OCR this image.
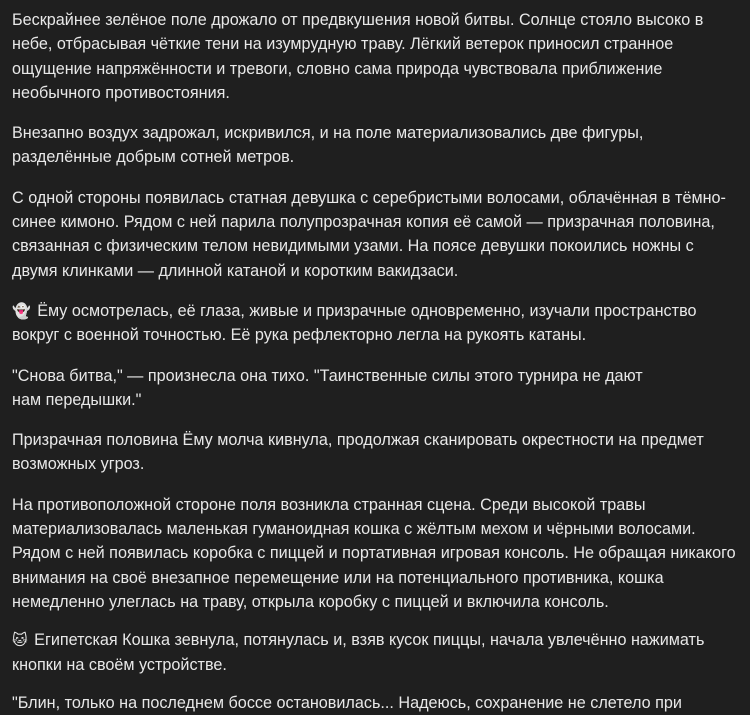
Бескрайнее зелёное поле дрожало от предвкушения новой битвы. Солнце стояло высоко в небе, отбрасывая чёткие тени на изумрудную траву. Лёгкий ветерок приносил странное ощущение напряжённости и тревоги, словно сама природа чувствовала приближение необычного противостояния.

Внезапно воздух задрожал, искривился, и на поле материализовались две фигуры, разделённые добрым сотней метров.

С одной стороны появилась статная девушка с серебристыми волосами, облачённая в тёмно-синее кимоно. Рядом с ней парила полупрозрачная копия её самой — призрачная половина, связанная с физическим телом невидимыми узами. На поясе девушки покоились ножны с двумя клинками — длинной катаной и коротким вакидзаси.

👻 Ёму осмотрелась, её глаза, живые и призрачные одновременно, изучали пространство вокруг с военной точностью. Её рука рефлекторно легла на рукоять катаны.

"Снова битва," — произнесла она тихо. "Таинственные силы этого турнира не дают нам передышки."

Призрачная половина Ёму молча кивнула, продолжая сканировать окрестности на предмет возможных угроз.

На противоположной стороне поля возникла странная сцена. Среди высокой травы материализовалась маленькая гуманоидная кошка с жёлтым мехом и чёрными волосами. Рядом с ней появилась коробка с пиццей и портативная игровая консоль. Не обращая никакого внимания на своё внезапное перемещение или на потенциального противника, кошка немедленно улеглась на траву, открыла коробку с пиццей и включила консоль.

🐱 Египетская Кошка зевнула, потянулась и, взяв кусок пиццы, начала увлечённо нажимать кнопки на своём устройстве.

"Блин, только на последнем боссе остановилась... Надеюсь, сохранение не слетело при
